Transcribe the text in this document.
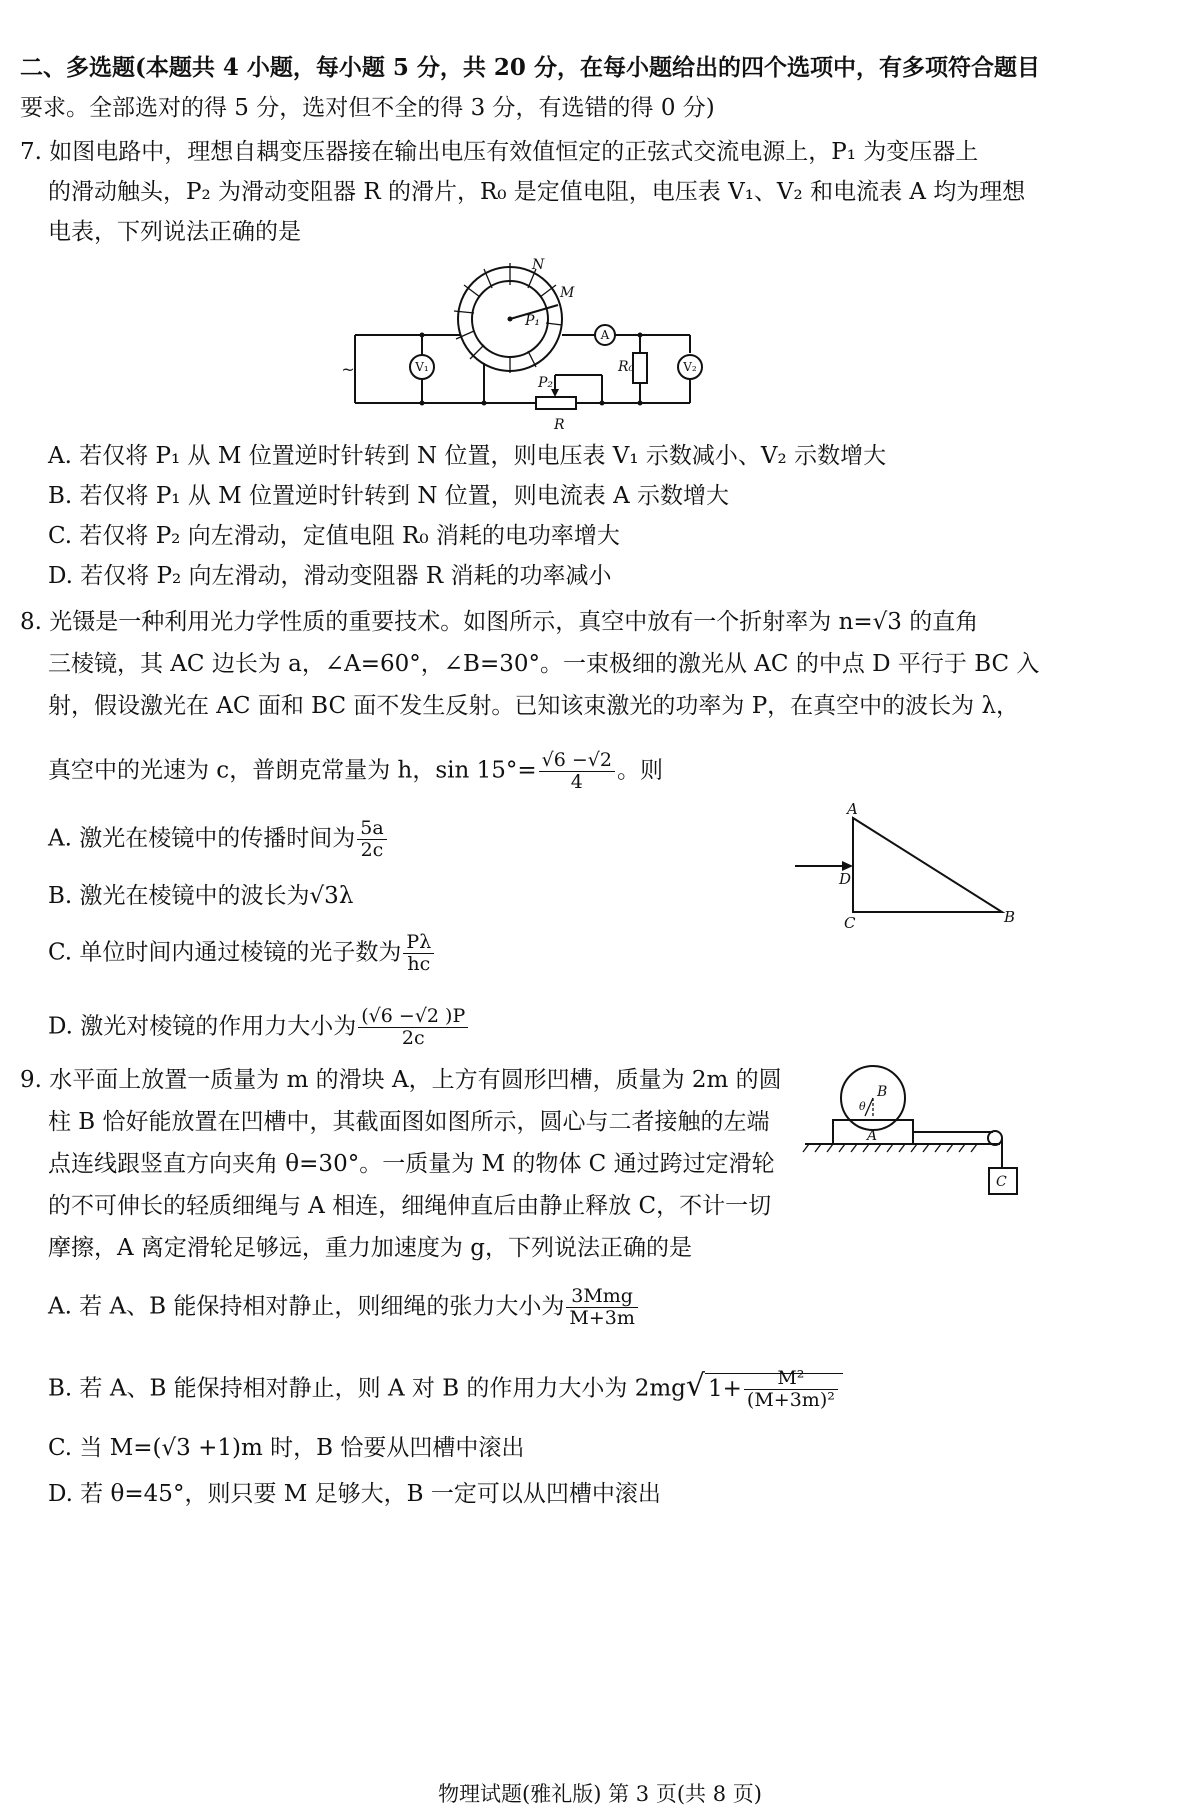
二、多选题(本题共 4 小题，每小题 5 分，共 20 分，在每小题给出的四个选项中，有多项符合题目
要求。全部选对的得 5 分，选对但不全的得 3 分，有选错的得 0 分)
7. 如图电路中，理想自耦变压器接在输出电压有效值恒定的正弦式交流电源上，P₁ 为变压器上
的滑动触头，P₂ 为滑动变阻器 R 的滑片，R₀ 是定值电阻，电压表 V₁、V₂ 和电流表 A 均为理想
电表，下列说法正确的是
N
M
P₁
P₂
R₀
R
A
V₁	V₂
~
A. 若仅将 P₁ 从 M 位置逆时针转到 N 位置，则电压表 V₁ 示数减小、V₂ 示数增大
B. 若仅将 P₁ 从 M 位置逆时针转到 N 位置，则电流表 A 示数增大
C. 若仅将 P₂ 向左滑动，定值电阻 R₀ 消耗的电功率增大
D. 若仅将 P₂ 向左滑动，滑动变阻器 R 消耗的功率减小
8. 光镊是一种利用光力学性质的重要技术。如图所示，真空中放有一个折射率为 n=√3 的直角
三棱镜，其 AC 边长为 a，∠A=60°，∠B=30°。一束极细的激光从 AC 的中点 D 平行于 BC 入
射，假设激光在 AC 面和 BC 面不发生反射。已知该束激光的功率为 P，在真空中的波长为 λ，
真空中的光速为 c，普朗克常量为 h，$\sin 15^\circ= \frac{√6 -√2}{4}$ 。则
A. 激光在棱镜中的传播时间为 $\frac{5a}{2c}$
B. 激光在棱镜中的波长为√3λ
C. 单位时间内通过棱镜的光子数为 $\frac{P\lambda}{hc}$
D. 激光对棱镜的作用力大小为 $\frac{(√6 -√2 )P}{2c}$
A
B
C
D
9. 水平面上放置一质量为 m 的滑块 A，上方有圆形凹槽，质量为 2m 的圆
柱 B 恰好能放置在凹槽中，其截面图如图所示，圆心与二者接触的左端
点连线跟竖直方向夹角 θ=30°。一质量为 M 的物体 C 通过跨过定滑轮
的不可伸长的轻质细绳与 A 相连，细绳伸直后由静止释放 C，不计一切
摩擦，A 离定滑轮足够远，重力加速度为 g，下列说法正确的是
A
B
C
θ
A. 若 A、B 能保持相对静止，则细绳的张力大小为 $\frac{\text{3Mmg}}{M+3m}$
B. 若 A、B 能保持相对静止，则 A 对 B 的作用力大小为 2mg√ $1+ \frac{\text{M²}}{\text{(M+3m)²}}$
C. 当 M=(√3 +1)m 时，B 恰要从凹槽中滚出
D. 若 θ=45°，则只要 M 足够大，B 一定可以从凹槽中滚出
物理试题(雅礼版) 第 3 页(共 8 页)
